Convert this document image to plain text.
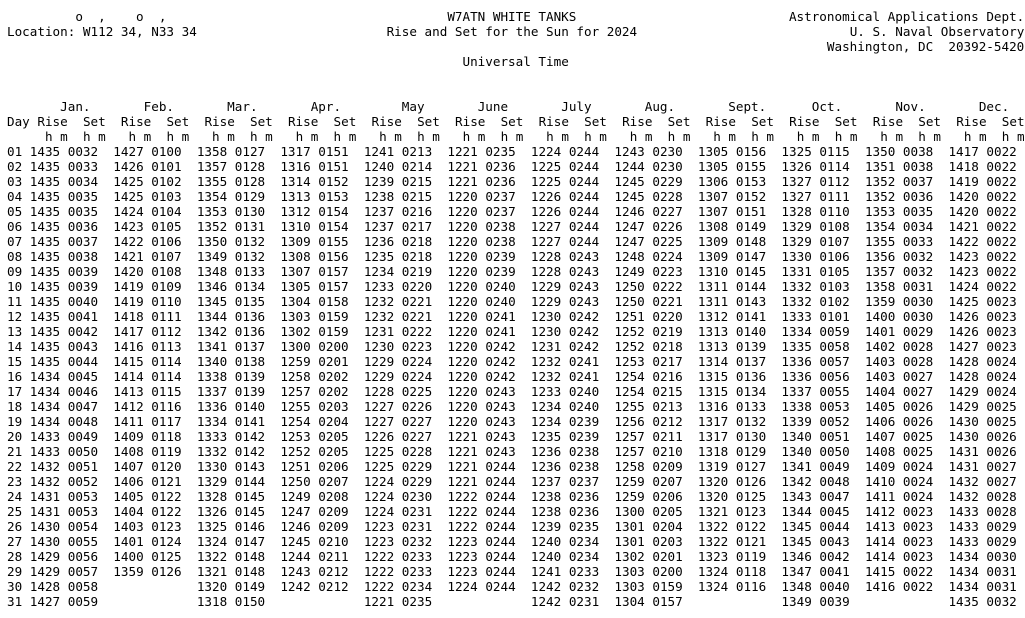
o  ,    o  ,	W7ATN WHITE TANKS	Astronomical Applications Dept.
Location: W112 34, N33 34	Rise and Set for the Sun for 2024	U. S. Naval Observatory
Washington, DC  20392-5420
Universal Time

Jan.	Feb.	Mar.	Apr.	May	June	July	Aug.	Sept.	Oct.	Nov.	Dec.
Day Rise Set Rise Set Rise Set Rise Set Rise Set Rise Set Rise Set Rise Set Rise Set Rise Set Rise Set Rise Set
h m h m h m h m h m h m h m h m h m h m h m h m h m h m h m h m h m h m h m h m h m h m h m h m
01 1435 0032 1427 0100 1358 0127 1317 0151 1241 0213 1221 0235 1224 0244 1243 0230 1305 0156 1325 0115 1350 0038 1417 0022
02 1435 0033 1426 0101 1357 0128 1316 0151 1240 0214 1221 0236 1225 0244 1244 0230 1305 0155 1326 0114 1351 0038 1418 0022
03 1435 0034 1425 0102 1355 0128 1314 0152 1239 0215 1221 0236 1225 0244 1245 0229 1306 0153 1327 0112 1352 0037 1419 0022
04 1435 0035 1425 0103 1354 0129 1313 0153 1238 0215 1220 0237 1226 0244 1245 0228 1307 0152 1327 0111 1352 0036 1420 0022
05 1435 0035 1424 0104 1353 0130 1312 0154 1237 0216 1220 0237 1226 0244 1246 0227 1307 0151 1328 0110 1353 0035 1420 0022
06 1435 0036 1423 0105 1352 0131 1310 0154 1237 0217 1220 0238 1227 0244 1247 0226 1308 0149 1329 0108 1354 0034 1421 0022
07 1435 0037 1422 0106 1350 0132 1309 0155 1236 0218 1220 0238 1227 0244 1247 0225 1309 0148 1329 0107 1355 0033 1422 0022
08 1435 0038 1421 0107 1349 0132 1308 0156 1235 0218 1220 0239 1228 0243 1248 0224 1309 0147 1330 0106 1356 0032 1423 0022
09 1435 0039 1420 0108 1348 0133 1307 0157 1234 0219 1220 0239 1228 0243 1249 0223 1310 0145 1331 0105 1357 0032 1423 0022
10 1435 0039 1419 0109 1346 0134 1305 0157 1233 0220 1220 0240 1229 0243 1250 0222 1311 0144 1332 0103 1358 0031 1424 0022
11 1435 0040 1419 0110 1345 0135 1304 0158 1232 0221 1220 0240 1229 0243 1250 0221 1311 0143 1332 0102 1359 0030 1425 0023
12 1435 0041 1418 0111 1344 0136 1303 0159 1232 0221 1220 0241 1230 0242 1251 0220 1312 0141 1333 0101 1400 0030 1426 0023
13 1435 0042 1417 0112 1342 0136 1302 0159 1231 0222 1220 0241 1230 0242 1252 0219 1313 0140 1334 0059 1401 0029 1426 0023
14 1435 0043 1416 0113 1341 0137 1300 0200 1230 0223 1220 0242 1231 0242 1252 0218 1313 0139 1335 0058 1402 0028 1427 0023
15 1435 0044 1415 0114 1340 0138 1259 0201 1229 0224 1220 0242 1232 0241 1253 0217 1314 0137 1336 0057 1403 0028 1428 0024
16 1434 0045 1414 0114 1338 0139 1258 0202 1229 0224 1220 0242 1232 0241 1254 0216 1315 0136 1336 0056 1403 0027 1428 0024
17 1434 0046 1413 0115 1337 0139 1257 0202 1228 0225 1220 0243 1233 0240 1254 0215 1315 0134 1337 0055 1404 0027 1429 0024
18 1434 0047 1412 0116 1336 0140 1255 0203 1227 0226 1220 0243 1234 0240 1255 0213 1316 0133 1338 0053 1405 0026 1429 0025
19 1434 0048 1411 0117 1334 0141 1254 0204 1227 0227 1220 0243 1234 0239 1256 0212 1317 0132 1339 0052 1406 0026 1430 0025
20 1433 0049 1409 0118 1333 0142 1253 0205 1226 0227 1221 0243 1235 0239 1257 0211 1317 0130 1340 0051 1407 0025 1430 0026
21 1433 0050 1408 0119 1332 0142 1252 0205 1225 0228 1221 0243 1236 0238 1257 0210 1318 0129 1340 0050 1408 0025 1431 0026
22 1432 0051 1407 0120 1330 0143 1251 0206 1225 0229 1221 0244 1236 0238 1258 0209 1319 0127 1341 0049 1409 0024 1431 0027
23 1432 0052 1406 0121 1329 0144 1250 0207 1224 0229 1221 0244 1237 0237 1259 0207 1320 0126 1342 0048 1410 0024 1432 0027
24 1431 0053 1405 0122 1328 0145 1249 0208 1224 0230 1222 0244 1238 0236 1259 0206 1320 0125 1343 0047 1411 0024 1432 0028
25 1431 0053 1404 0122 1326 0145 1247 0209 1224 0231 1222 0244 1238 0236 1300 0205 1321 0123 1344 0045 1412 0023 1433 0028
26 1430 0054 1403 0123 1325 0146 1246 0209 1223 0231 1222 0244 1239 0235 1301 0204 1322 0122 1345 0044 1413 0023 1433 0029
27 1430 0055 1401 0124 1324 0147 1245 0210 1223 0232 1223 0244 1240 0234 1301 0203 1322 0121 1345 0043 1414 0023 1433 0029
28 1429 0056 1400 0125 1322 0148 1244 0211 1222 0233 1223 0244 1240 0234 1302 0201 1323 0119 1346 0042 1414 0023 1434 0030
29 1429 0057 1359 0126 1321 0148 1243 0212 1222 0233 1223 0244 1241 0233 1303 0200 1324 0118 1347 0041 1415 0022 1434 0031
30 1428 0058	1320 0149 1242 0212 1222 0234 1224 0244 1242 0232 1303 0159 1324 0116 1348 0040 1416 0022 1434 0031
31 1427 0059	1318 0150	1221 0235	1242 0231 1304 0157	1349 0039	1435 0032
